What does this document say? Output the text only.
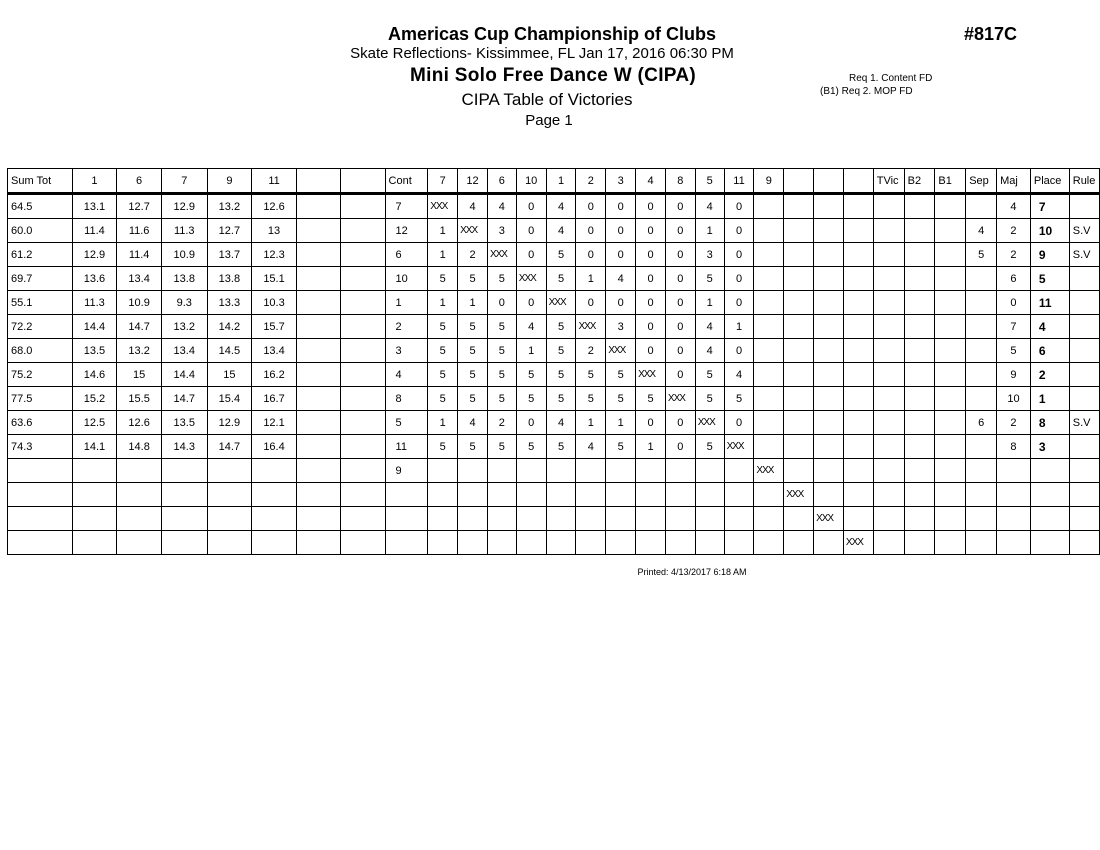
Americas Cup Championship of Clubs
Skate Reflections- Kissimmee, FL Jan 17, 2016 06:30 PM
Mini Solo Free Dance W (CIPA)
CIPA Table of Victories
Page 1
#817C
Req 1. Content FD
(B1) Req 2. MOP FD
Sum Tot	1	6	7	9	11			Cont	7	12	6	10	1	2	3	4	8	5	11	9				TVic	B2	B1	Sep	Maj	Place	Rule
64.5	13.1	12.7	12.9	13.2	12.6			7	XXX	4	4	0	4	0	0	0	0	4	0									4	7	
60.0	11.4	11.6	11.3	12.7	13			12	1	XXX	3	0	4	0	0	0	0	1	0								4	2	10	S.V
61.2	12.9	11.4	10.9	13.7	12.3			6	1	2	XXX	0	5	0	0	0	0	3	0								5	2	9	S.V
69.7	13.6	13.4	13.8	13.8	15.1			10	5	5	5	XXX	5	1	4	0	0	5	0									6	5	
55.1	11.3	10.9	9.3	13.3	10.3			1	1	1	0	0	XXX	0	0	0	0	1	0									0	11	
72.2	14.4	14.7	13.2	14.2	15.7			2	5	5	5	4	5	XXX	3	0	0	4	1									7	4	
68.0	13.5	13.2	13.4	14.5	13.4			3	5	5	5	1	5	2	XXX	0	0	4	0									5	6	
75.2	14.6	15	14.4	15	16.2			4	5	5	5	5	5	5	5	XXX	0	5	4									9	2	
77.5	15.2	15.5	14.7	15.4	16.7			8	5	5	5	5	5	5	5	5	XXX	5	5									10	1	
63.6	12.5	12.6	13.5	12.9	12.1			5	1	4	2	0	4	1	1	0	0	XXX	0								6	2	8	S.V
74.3	14.1	14.8	14.3	14.7	16.4			11	5	5	5	5	5	4	5	1	0	5	XXX									8	3	
								9												XXX										
																					XXX									
																						XXX								
																							XXX							
Printed: 4/13/2017 6:18 AM
